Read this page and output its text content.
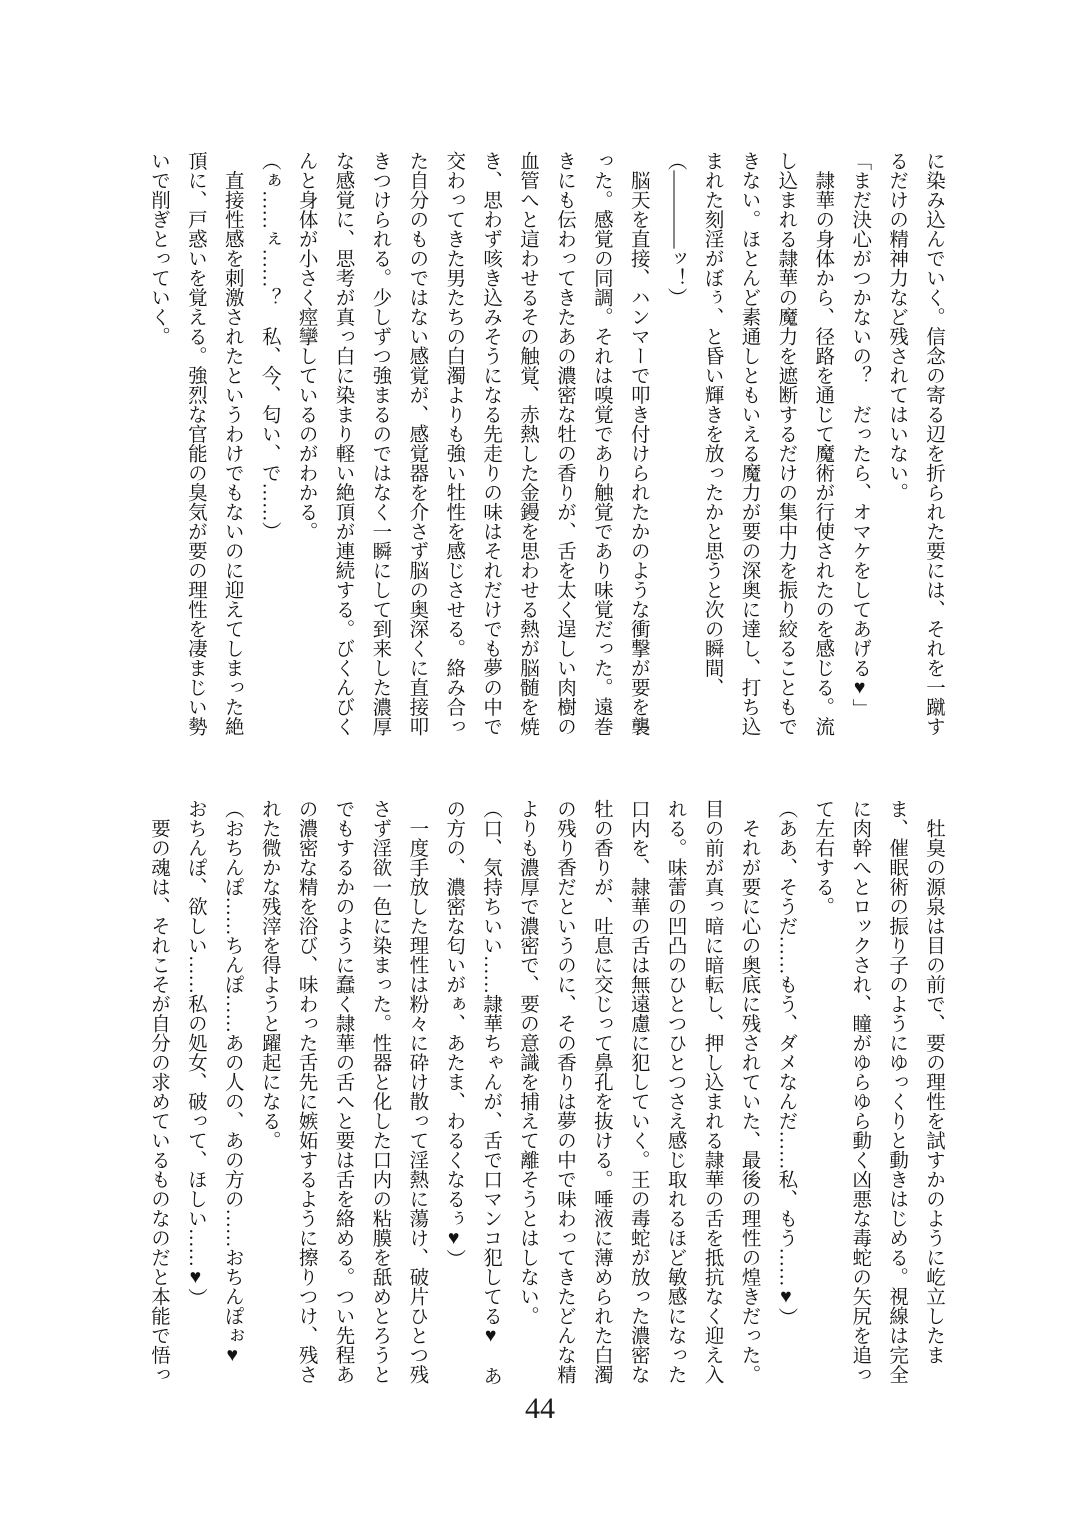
に染み込んでいく。信念の寄る辺を折られた要には、それを一蹴す
るだけの精神力など残されてはいない。
「まだ決心がつかないの？　だったら、オマケをしてあげる♥」
　隷華の身体から、径路を通じて魔術が行使されたのを感じる。流
し込まれる隷華の魔力を遮断するだけの集中力を振り絞ることもで
きない。ほとんど素通しともいえる魔力が要の深奥に達し、打ち込
まれた刻淫がぼぅ、と昏い輝きを放ったかと思うと次の瞬間、
（――――ッ！）
　脳天を直接、ハンマーで叩き付けられたかのような衝撃が要を襲
った。感覚の同調。それは嗅覚であり触覚であり味覚だった。遠巻
きにも伝わってきたあの濃密な牡の香りが、舌を太く逞しい肉樹の
血管へと這わせるその触覚、赤熱した金鏝を思わせる熱が脳髄を焼
き、思わず咳き込みそうになる先走りの味はそれだけでも夢の中で
交わってきた男たちの白濁よりも強い牡性を感じさせる。絡み合っ
た自分のものではない感覚が、感覚器を介さず脳の奥深くに直接叩
きつけられる。少しずつ強まるのではなく一瞬にして到来した濃厚
な感覚に、思考が真っ白に染まり軽い絶頂が連続する。びくんびく
んと身体が小さく痙攣しているのがわかる。
（ぁ……ぇ……？　私、今、匂い、で……）
　直接性感を刺激されたというわけでもないのに迎えてしまった絶
頂に、戸惑いを覚える。強烈な官能の臭気が要の理性を凄まじい勢
いで削ぎとっていく。
　牡臭の源泉は目の前で、要の理性を試すかのように屹立したま
ま、催眠術の振り子のようにゆっくりと動きはじめる。視線は完全
に肉幹へとロックされ、瞳がゆらゆら動く凶悪な毒蛇の矢尻を追っ
て左右する。
（ああ、そうだ……もう、ダメなんだ……私、もう……♥）
　それが要に心の奥底に残されていた、最後の理性の煌きだった。
目の前が真っ暗に暗転し、押し込まれる隷華の舌を抵抗なく迎え入
れる。味蕾の凹凸のひとつひとつさえ感じ取れるほど敏感になった
口内を、隷華の舌は無遠慮に犯していく。王の毒蛇が放った濃密な
牡の香りが、吐息に交じって鼻孔を抜ける。唾液に薄められた白濁
の残り香だというのに、その香りは夢の中で味わってきたどんな精
よりも濃厚で濃密で、要の意識を捕えて離そうとはしない。
（口、気持ちいい……隷華ちゃんが、舌で口マンコ犯してる♥　あ
の方の、濃密な匂いがぁ、あたま、わるくなるぅ♥）
　一度手放した理性は粉々に砕け散って淫熱に蕩け、破片ひとつ残
さず淫欲一色に染まった。性器と化した口内の粘膜を舐めとろうと
でもするかのように蠢く隷華の舌へと要は舌を絡める。つい先程あ
の濃密な精を浴び、味わった舌先に嫉妬するように擦りつけ、残さ
れた微かな残滓を得ようと躍起になる。
（おちんぽ……ちんぽ……あの人の、あの方の……おちんぽぉ♥
おちんぽ、欲しい……私の処女、破って、ほしい……♥）
　要の魂は、それこそが自分の求めているものなのだと本能で悟っ
44
